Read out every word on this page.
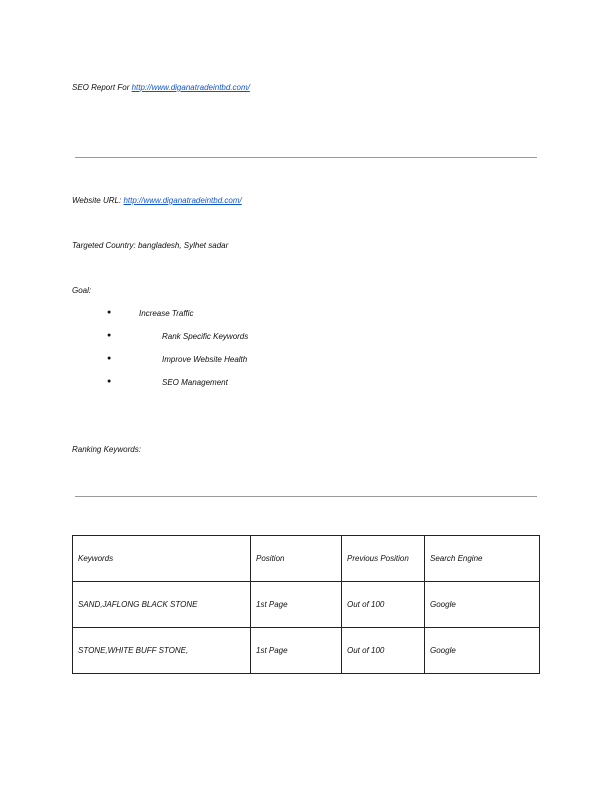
SEO Report For http://www.diganatradeintbd.com/
Website URL: http://www.diganatradeintbd.com/
Targeted Country: bangladesh, Sylhet sadar
Goal:
●	Increase Traffic
●	Rank Specific Keywords
●	Improve Website Health
●	SEO Management
Ranking Keywords:
Keywords	Position	Previous Position	Search Engine
SAND,JAFLONG BLACK STONE	1st Page	Out of 100	Google
STONE,WHITE BUFF STONE,	1st Page	Out of 100	Google
